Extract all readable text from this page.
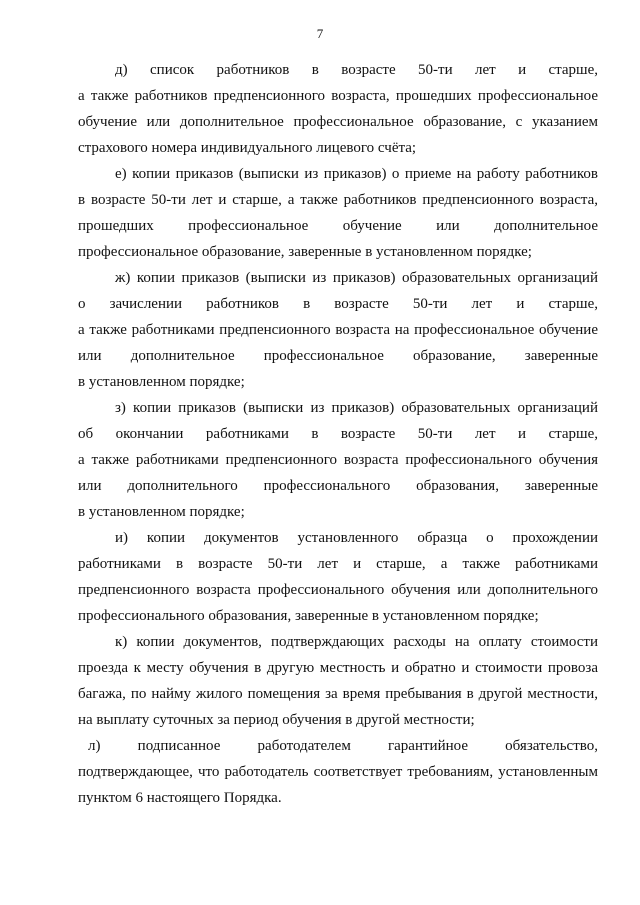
7
д) список работников в возрасте 50-ти лет и старше,
а также работников предпенсионного возраста, прошедших профессиональное
обучение или дополнительное профессиональное образование, с указанием
страхового номера индивидуального лицевого счёта;
е) копии приказов (выписки из приказов) о приеме на работу работников
в возрасте 50-ти лет и старше, а также работников предпенсионного возраста,
прошедших профессиональное обучение или дополнительное
профессиональное образование, заверенные в установленном порядке;
ж) копии приказов (выписки из приказов) образовательных организаций
о зачислении работников в возрасте 50-ти лет и старше,
а также работниками предпенсионного возраста на профессиональное обучение
или дополнительное профессиональное образование, заверенные
в установленном порядке;
з) копии приказов (выписки из приказов) образовательных организаций
об окончании работниками в возрасте 50-ти лет и старше,
а также работниками предпенсионного возраста профессионального обучения
или дополнительного профессионального образования, заверенные
в установленном порядке;
и) копии документов установленного образца о прохождении
работниками в возрасте 50-ти лет и старше, а также работниками
предпенсионного возраста профессионального обучения или дополнительного
профессионального образования, заверенные в установленном порядке;
к) копии документов, подтверждающих расходы на оплату стоимости
проезда к месту обучения в другую местность и обратно и стоимости провоза
багажа, по найму жилого помещения за время пребывания в другой местности,
на выплату суточных за период обучения в другой местности;
л) подписанное работодателем гарантийное обязательство,
подтверждающее, что работодатель соответствует требованиям, установленным
пунктом 6 настоящего Порядка.
